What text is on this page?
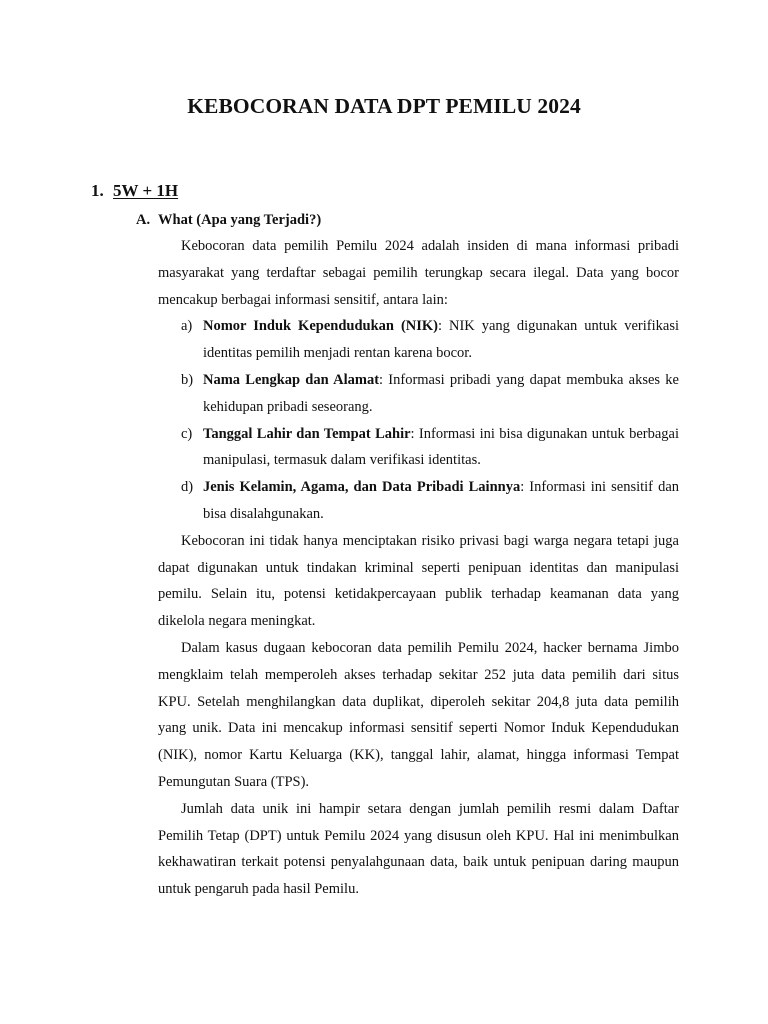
KEBOCORAN DATA DPT PEMILU 2024
1. 5W + 1H
A. What (Apa yang Terjadi?)

Kebocoran data pemilih Pemilu 2024 adalah insiden di mana informasi pribadi masyarakat yang terdaftar sebagai pemilih terungkap secara ilegal. Data yang bocor mencakup berbagai informasi sensitif, antara lain:

a) Nomor Induk Kependudukan (NIK): NIK yang digunakan untuk verifikasi identitas pemilih menjadi rentan karena bocor.
b) Nama Lengkap dan Alamat: Informasi pribadi yang dapat membuka akses ke kehidupan pribadi seseorang.
c) Tanggal Lahir dan Tempat Lahir: Informasi ini bisa digunakan untuk berbagai manipulasi, termasuk dalam verifikasi identitas.
d) Jenis Kelamin, Agama, dan Data Pribadi Lainnya: Informasi ini sensitif dan bisa disalahgunakan.

Kebocoran ini tidak hanya menciptakan risiko privasi bagi warga negara tetapi juga dapat digunakan untuk tindakan kriminal seperti penipuan identitas dan manipulasi pemilu. Selain itu, potensi ketidakpercayaan publik terhadap keamanan data yang dikelola negara meningkat.

Dalam kasus dugaan kebocoran data pemilih Pemilu 2024, hacker bernama Jimbo mengklaim telah memperoleh akses terhadap sekitar 252 juta data pemilih dari situs KPU. Setelah menghilangkan data duplikat, diperoleh sekitar 204,8 juta data pemilih yang unik. Data ini mencakup informasi sensitif seperti Nomor Induk Kependudukan (NIK), nomor Kartu Keluarga (KK), tanggal lahir, alamat, hingga informasi Tempat Pemungutan Suara (TPS).

Jumlah data unik ini hampir setara dengan jumlah pemilih resmi dalam Daftar Pemilih Tetap (DPT) untuk Pemilu 2024 yang disusun oleh KPU. Hal ini menimbulkan kekhawatiran terkait potensi penyalahgunaan data, baik untuk penipuan daring maupun untuk pengaruh pada hasil Pemilu.
